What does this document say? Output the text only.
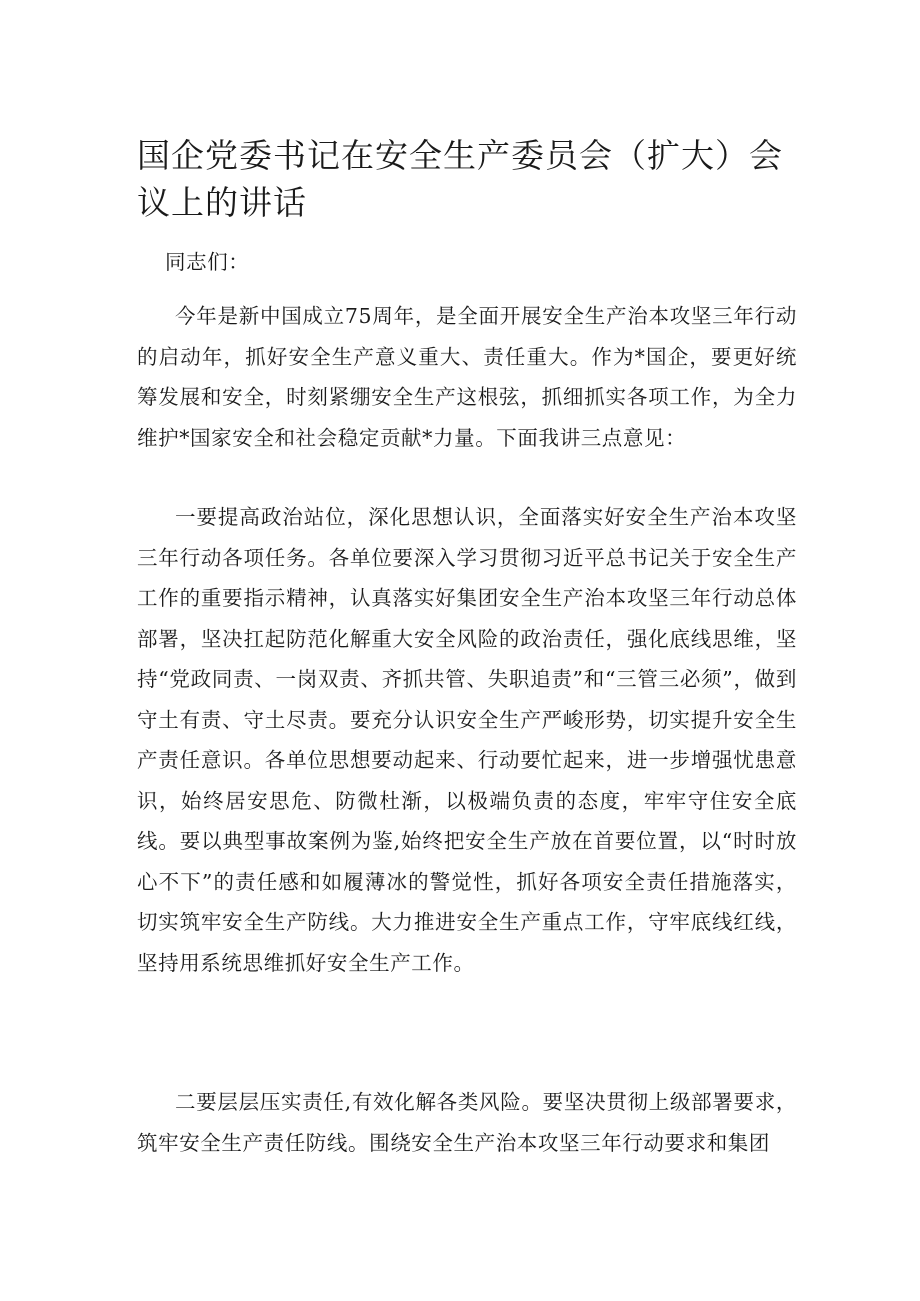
国企党委书记在安全生产委员会（扩大）会议上的讲话

同志们：

今年是新中国成立75周年，是全面开展安全生产治本攻坚三年行动的启动年，抓好安全生产意义重大、责任重大。作为*国企，要更好统筹发展和安全，时刻紧绷安全生产这根弦，抓细抓实各项工作，为全力维护*国家安全和社会稳定贡献*力量。下面我讲三点意见：

一要提高政治站位，深化思想认识，全面落实好安全生产治本攻坚三年行动各项任务。各单位要深入学习贯彻习近平总书记关于安全生产工作的重要指示精神，认真落实好集团安全生产治本攻坚三年行动总体部署，坚决扛起防范化解重大安全风险的政治责任，强化底线思维，坚持“党政同责、一岗双责、齐抓共管、失职追责”和“三管三必须”，做到守土有责、守土尽责。要充分认识安全生产严峻形势，切实提升安全生产责任意识。各单位思想要动起来、行动要忙起来，进一步增强忧患意识，始终居安思危、防微杜渐，以极端负责的态度，牢牢守住安全底线。要以典型事故案例为鉴,始终把安全生产放在首要位置，以“时时放心不下”的责任感和如履薄冰的警觉性，抓好各项安全责任措施落实，切实筑牢安全生产防线。大力推进安全生产重点工作，守牢底线红线，坚持用系统思维抓好安全生产工作。

二要层层压实责任,有效化解各类风险。要坚决贯彻上级部署要求，筑牢安全生产责任防线。围绕安全生产治本攻坚三年行动要求和集团
